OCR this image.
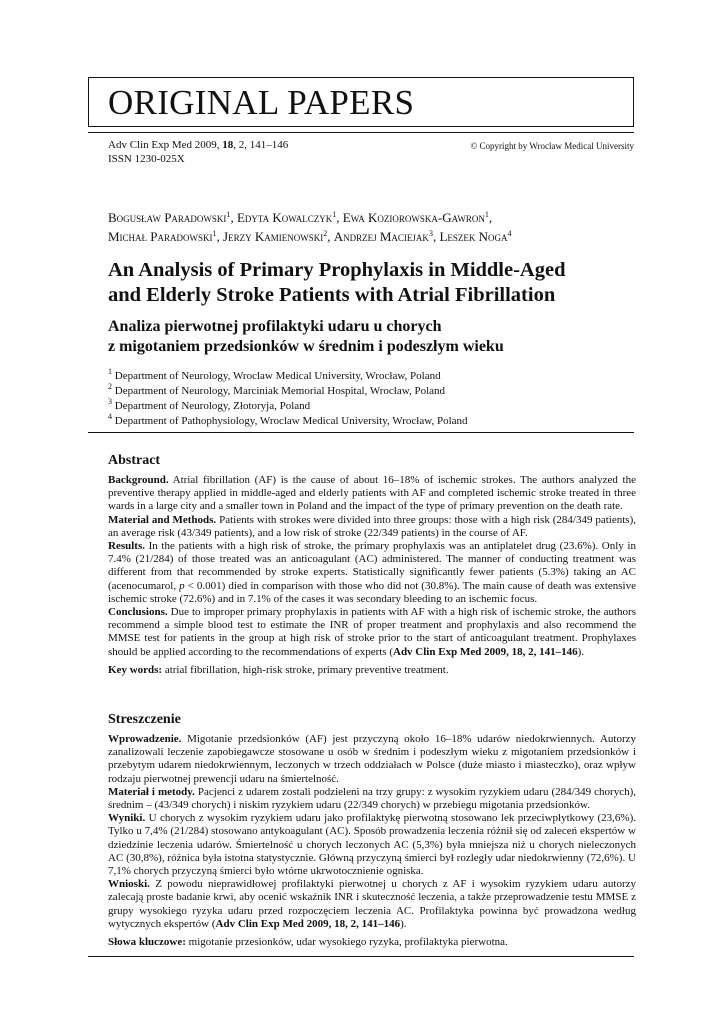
ORIGINAL PAPERS
Adv Clin Exp Med 2009, 18, 2, 141–146
ISSN 1230-025X
© Copyright by Wroclaw Medical University
Bogusław Paradowski$^1$, Edyta Kowalczyk$^1$, Ewa Koziorowska-Gawron$^1$,
Michał Paradowski$^1$, Jerzy Kamienowski$^2$, Andrzej Maciejak$^3$, Leszek Noga$^4$
An Analysis of Primary Prophylaxis in Middle-Aged
and Elderly Stroke Patients with Atrial Fibrillation
Analiza pierwotnej profilaktyki udaru u chorych
z migotaniem przedsionków w średnim i podeszłym wieku
$^1$ Department of Neurology, Wroclaw Medical University, Wrocław, Poland
$^2$ Department of Neurology, Marciniak Memorial Hospital, Wrocław, Poland
$^3$ Department of Neurology, Złotoryja, Poland
$^4$ Department of Pathophysiology, Wroclaw Medical University, Wrocław, Poland
Abstract

Background. Atrial fibrillation (AF) is the cause of about 16–18% of ischemic strokes. The authors analyzed the preventive therapy applied in middle-aged and elderly patients with AF and completed ischemic stroke treated in three wards in a large city and a smaller town in Poland and the impact of the type of primary prevention on the death rate.

Material and Methods. Patients with strokes were divided into three groups: those with a high risk (284/349 patients), an average risk (43/349 patients), and a low risk of stroke (22/349 patients) in the course of AF.

Results. In the patients with a high risk of stroke, the primary prophylaxis was an antiplatelet drug (23.6%). Only in 7.4% (21/284) of those treated was an anticoagulant (AC) administered. The manner of conducting treatment was different from that recommended by stroke experts. Statistically significantly fewer patients (5.3%) taking an AC (acenocumarol, p < 0.001) died in comparison with those who did not (30.8%). The main cause of death was extensive ischemic stroke (72.6%) and in 7.1% of the cases it was secondary bleeding to an ischemic focus.

Conclusions. Due to improper primary prophylaxis in patients with AF with a high risk of ischemic stroke, the authors recommend a simple blood test to estimate the INR of proper treatment and prophylaxis and also recommend the MMSE test for patients in the group at high risk of stroke prior to the start of anticoagulant treatment. Prophylaxes should be applied according to the recommendations of experts (Adv Clin Exp Med 2009, 18, 2, 141–146).

Key words: atrial fibrillation, high-risk stroke, primary preventive treatment.

Streszczenie

Wprowadzenie. Migotanie przedsionków (AF) jest przyczyną około 16–18% udarów niedokrwiennych. Autorzy zanalizowali leczenie zapobiegawcze stosowane u osób w średnim i podeszłym wieku z migotaniem przedsionków i przebytym udarem niedokrwiennym, leczonych w trzech oddziałach w Polsce (duże miasto i miasteczko), oraz wpływ rodzaju pierwotnej prewencji udaru na śmiertelność.

Materiał i metody. Pacjenci z udarem zostali podzieleni na trzy grupy: z wysokim ryzykiem udaru (284/349 chorych), średnim – (43/349 chorych) i niskim ryzykiem udaru (22/349 chorych) w przebiegu migotania przedsionków.

Wyniki. U chorych z wysokim ryzykiem udaru jako profilaktykę pierwotną stosowano lek przeciwpłytkowy (23,6%). Tylko u 7,4% (21/284) stosowano antykoagulant (AC). Sposób prowadzenia leczenia różnił się od zaleceń ekspertów w dziedzinie leczenia udarów. Śmiertelność u chorych leczonych AC (5,3%) była mniejsza niż u chorych nieleczonych AC (30,8%), różnica była istotna statystycznie. Główną przyczyną śmierci był rozległy udar niedokrwienny (72,6%). U 7,1% chorych przyczyną śmierci było wtórne ukrwotocznienie ogniska.

Wnioski. Z powodu nieprawidłowej profilaktyki pierwotnej u chorych z AF i wysokim ryzykiem udaru autorzy zalecają proste badanie krwi, aby ocenić wskaźnik INR i skuteczność leczenia, a także przeprowadzenie testu MMSE z grupy wysokiego ryzyka udaru przed rozpoczęciem leczenia AC. Profilaktyka powinna być prowadzona według wytycznych ekspertów (Adv Clin Exp Med 2009, 18, 2, 141–146).

Słowa kluczowe: migotanie przesionków, udar wysokiego ryzyka, profilaktyka pierwotna.
